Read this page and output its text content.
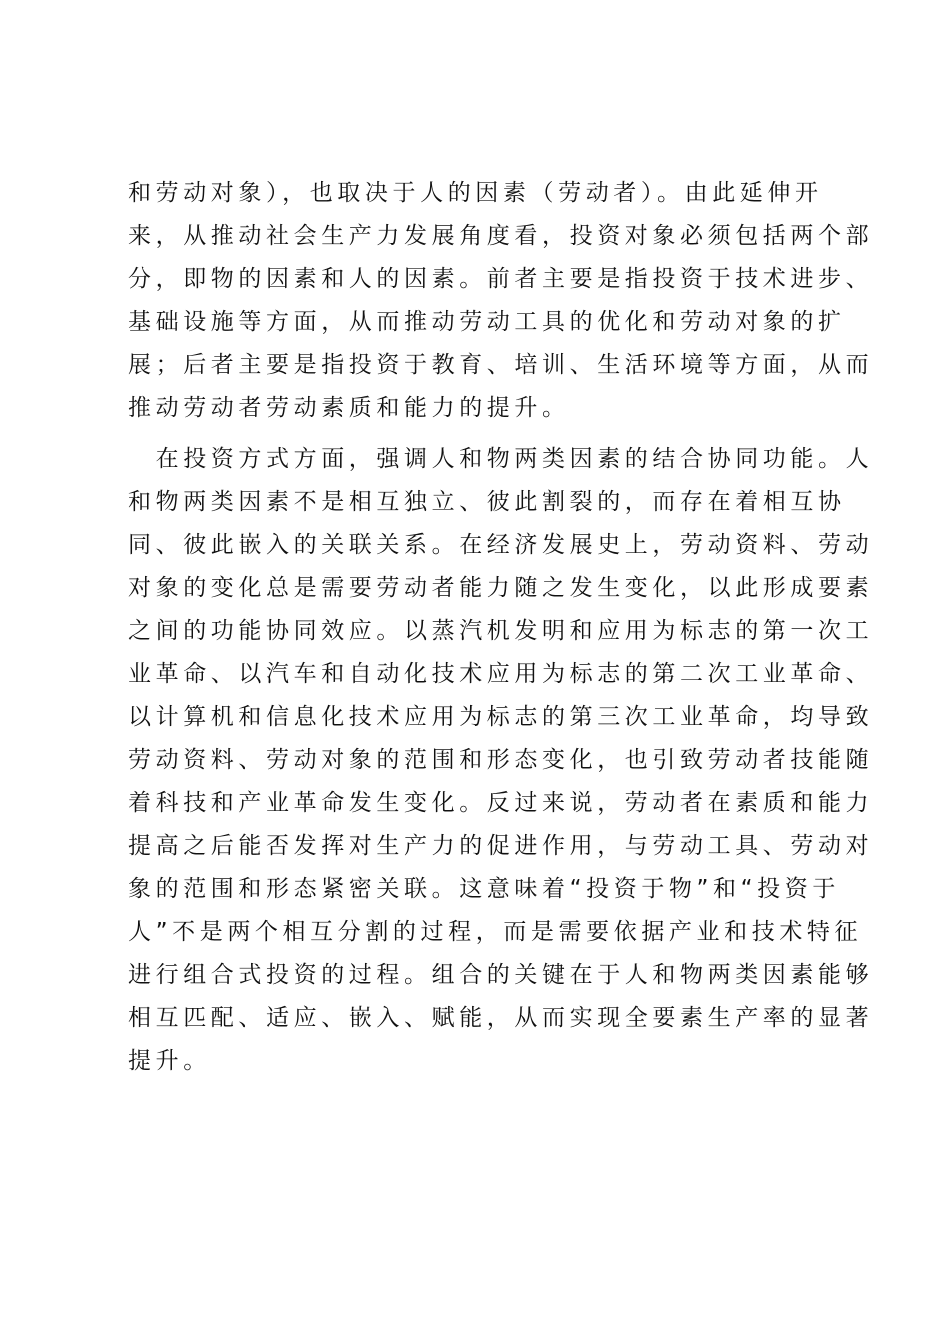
和劳动对象），也取决于人的因素（劳动者）。由此延伸开
来，从推动社会生产力发展角度看，投资对象必须包括两个部
分，即物的因素和人的因素。前者主要是指投资于技术进步、
基础设施等方面，从而推动劳动工具的优化和劳动对象的扩
展；后者主要是指投资于教育、培训、生活环境等方面，从而
推动劳动者劳动素质和能力的提升。
　在投资方式方面，强调人和物两类因素的结合协同功能。人
和物两类因素不是相互独立、彼此割裂的，而存在着相互协
同、彼此嵌入的关联关系。在经济发展史上，劳动资料、劳动
对象的变化总是需要劳动者能力随之发生变化，以此形成要素
之间的功能协同效应。以蒸汽机发明和应用为标志的第一次工
业革命、以汽车和自动化技术应用为标志的第二次工业革命、
以计算机和信息化技术应用为标志的第三次工业革命，均导致
劳动资料、劳动对象的范围和形态变化，也引致劳动者技能随
着科技和产业革命发生变化。反过来说，劳动者在素质和能力
提高之后能否发挥对生产力的促进作用，与劳动工具、劳动对
象的范围和形态紧密关联。这意味着“投资于物”和“投资于
人”不是两个相互分割的过程，而是需要依据产业和技术特征
进行组合式投资的过程。组合的关键在于人和物两类因素能够
相互匹配、适应、嵌入、赋能，从而实现全要素生产率的显著
提升。
